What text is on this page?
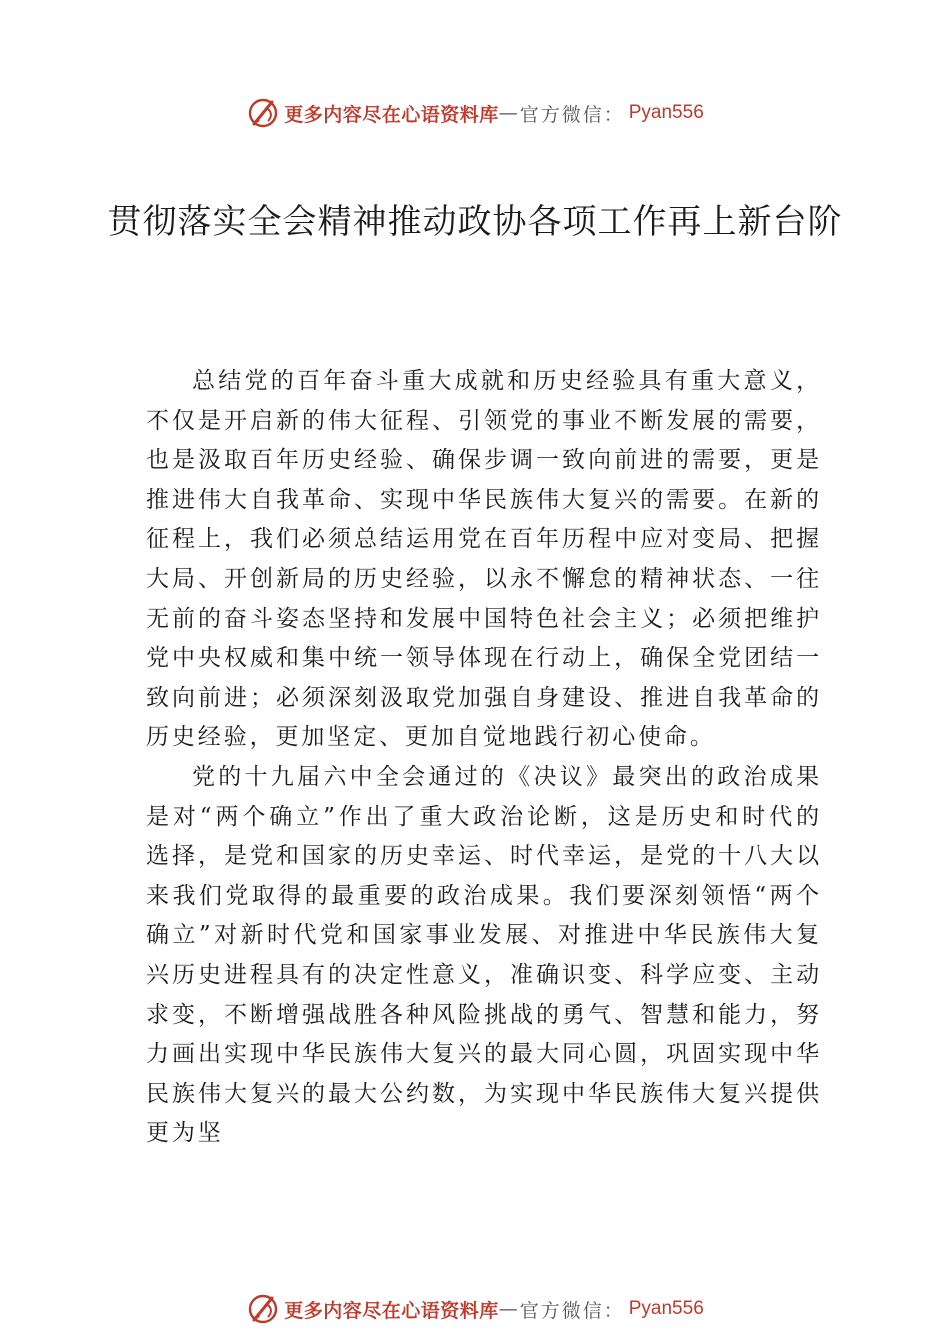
更多内容尽在心语资料库 — 官方微信： Pyan556
贯彻落实全会精神推动政协各项工作再上新台阶

总结党的百年奋斗重大成就和历史经验具有重大意义，不仅是开启新的伟大征程、引领党的事业不断发展的需要，也是汲取百年历史经验、确保步调一致向前进的需要，更是推进伟大自我革命、实现中华民族伟大复兴的需要。在新的征程上，我们必须总结运用党在百年历程中应对变局、把握大局、开创新局的历史经验，以永不懈怠的精神状态、一往无前的奋斗姿态坚持和发展中国特色社会主义；必须把维护党中央权威和集中统一领导体现在行动上，确保全党团结一致向前进；必须深刻汲取党加强自身建设、推进自我革命的历史经验，更加坚定、更加自觉地践行初心使命。

党的十九届六中全会通过的《决议》最突出的政治成果是对“两个确立”作出了重大政治论断，这是历史和时代的选择，是党和国家的历史幸运、时代幸运，是党的十八大以来我们党取得的最重要的政治成果。我们要深刻领悟“两个确立”对新时代党和国家事业发展、对推进中华民族伟大复兴历史进程具有的决定性意义，准确识变、科学应变、主动求变，不断增强战胜各种风险挑战的勇气、智慧和能力，努力画出实现中华民族伟大复兴的最大同心圆，巩固实现中华民族伟大复兴的最大公约数，为实现中华民族伟大复兴提供更为坚

更多内容尽在心语资料库 — 官方微信： Pyan556
